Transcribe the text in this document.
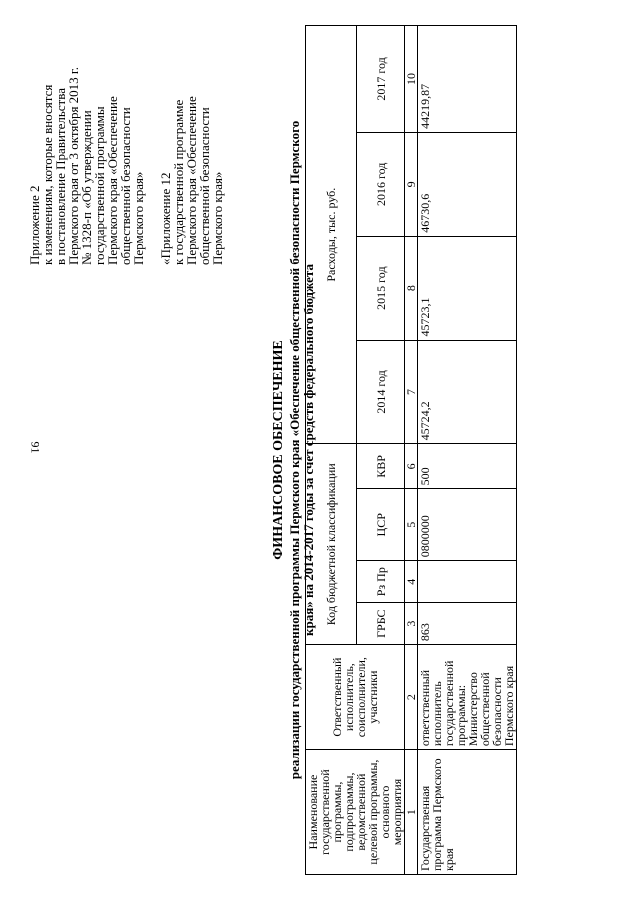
91

Приложение 2

к изменениям, которые вносятся

в постановление Правительства

Пермского края от 3 октября 2013 г.

№ 1328-п «Об утверждении

государственной программы

Пермского края «Обеспечение

общественной безопасности

Пермского края» «Приложение 12

к государственной программе

Пермского края «Обеспечение

общественной безопасности

Пермского края»

ФИНАНСОВОЕ ОБЕСПЕЧЕНИЕ реализации государственной программы Пермского края «Обеспечение общественной безопасности Пермского края» на 2014-2017 годы за счет средств федерального бюджета
Наименование государственной программы, подпрограммы, ведомственной целевой программы, основного мероприятия	Ответственный исполнитель, соисполнители, участники	Код бюджетной классификации				Расходы, тыс. руб.			
		ГРБС	Рз Пр	ЦСР	КВР	2014 год	2015 год	2016 год	2017 год
1	2	3	4	5	6	7	8	9	10
Государственная программа Пермского края	ответственный исполнитель государственной программы: Министерство общественной безопасности Пермского края	863		0800000	500	45724,2	45723,1	46730,6	44219,87
